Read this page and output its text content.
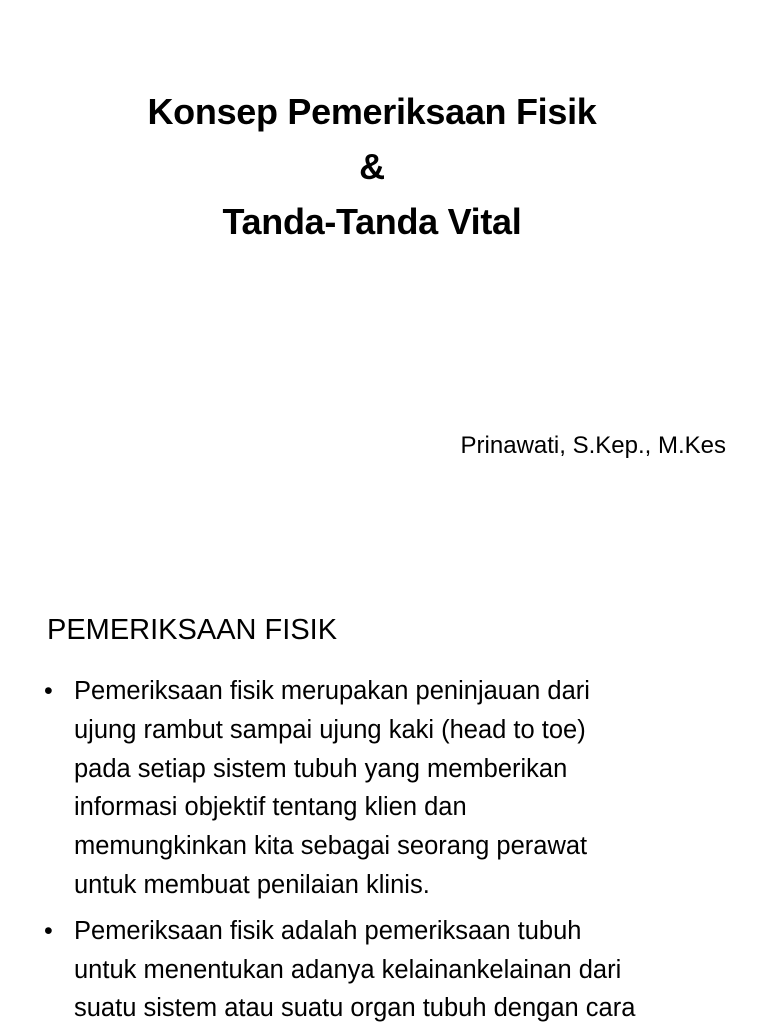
Konsep Pemeriksaan Fisik
&
Tanda-Tanda Vital
Prinawati, S.Kep., M.Kes
PEMERIKSAAN FISIK
• Pemeriksaan fisik merupakan peninjauan dari
ujung rambut sampai ujung kaki (head to toe)
pada setiap sistem tubuh yang memberikan
informasi objektif tentang klien dan
memungkinkan kita sebagai seorang perawat
untuk membuat penilaian klinis.
• Pemeriksaan fisik adalah pemeriksaan tubuh
untuk menentukan adanya kelainankelainan dari
suatu sistem atau suatu organ tubuh dengan cara
